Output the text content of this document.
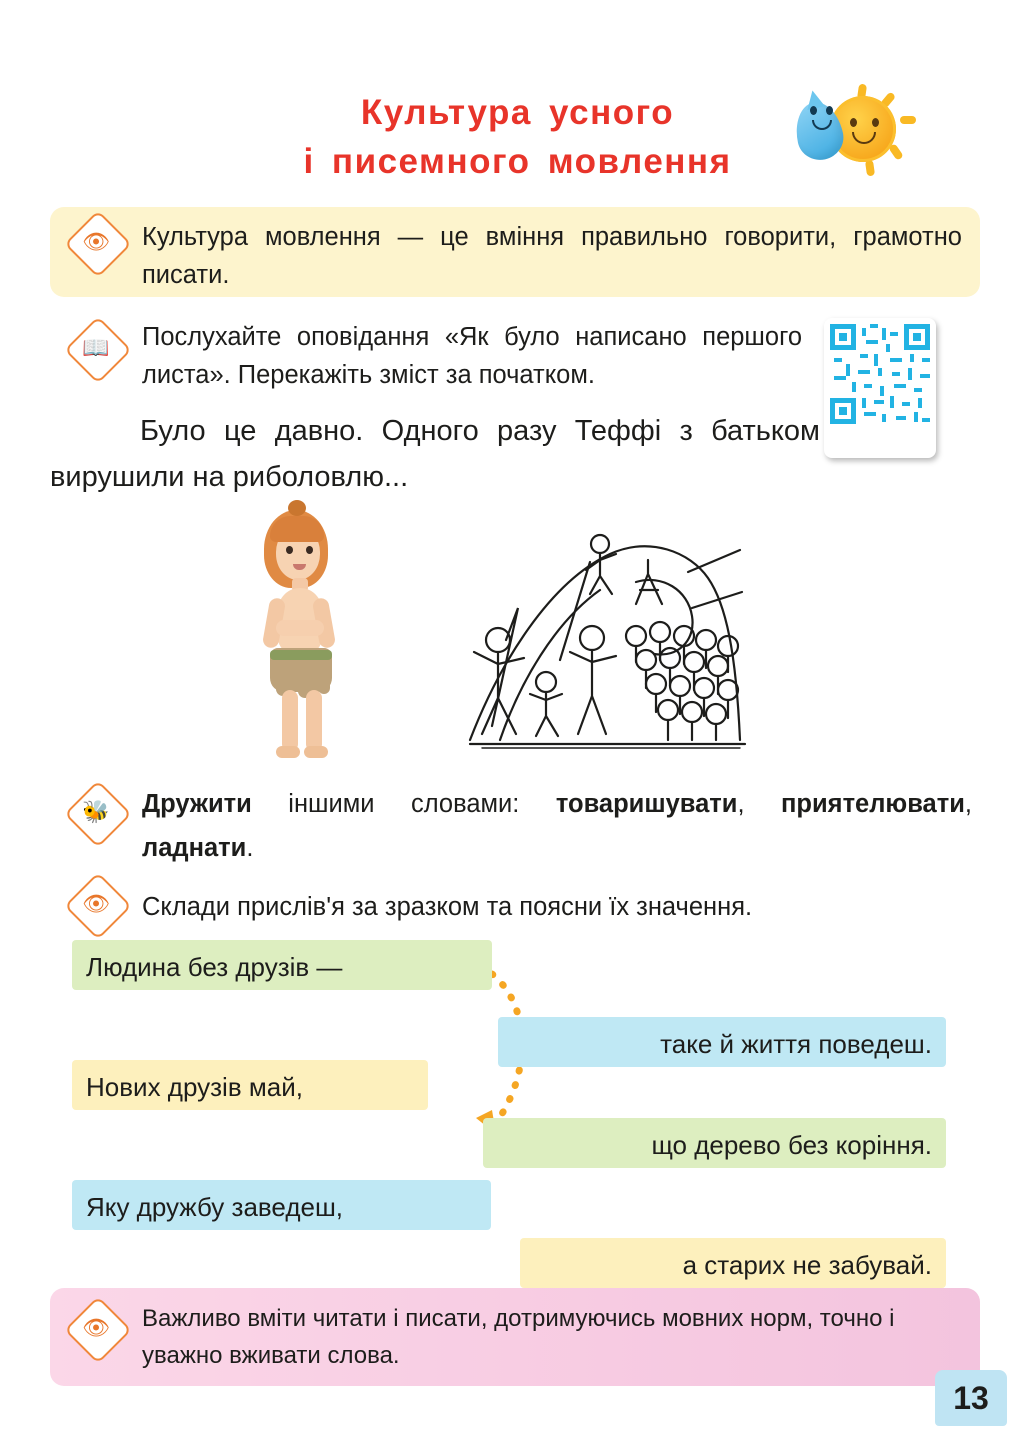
Культура усного
і писемного мовлення
👁	Культура мовлення — це вміння правильно говорити, грамотно писати.
📖	Послухайте оповідання «Як було написано першого листа». Перекажіть зміст за початком.
Було це давно. Одного разу Теффі з батьком вирушили на риболовлю...
🐝	Дружити іншими словами: товаришувати, приятелювати, ладнати.
👁	Склади прислів'я за зразком та поясни їх значення.
Людина без друзів —
таке й життя поведеш.
Нових друзів май,
що дерево без коріння.
Яку дружбу заведеш,
а старих не забувай.
👁	Важливо вміти читати і писати, дотримуючись мовних норм, точно і уважно вживати слова.
13
